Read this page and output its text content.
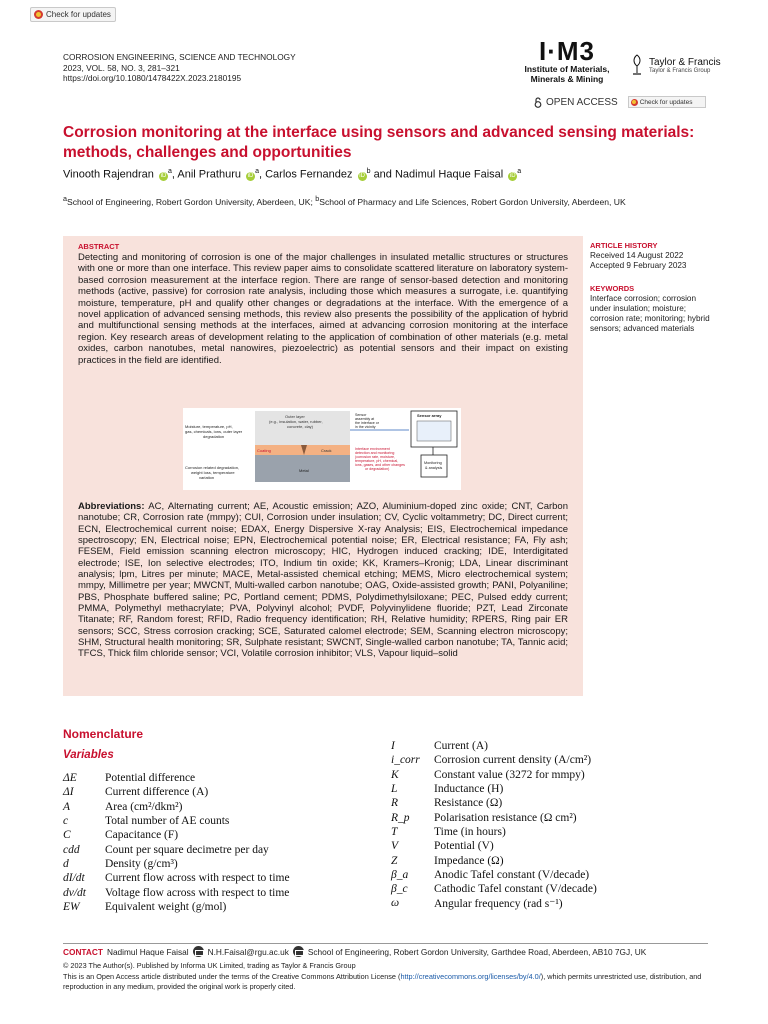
Check for updates
CORROSION ENGINEERING, SCIENCE AND TECHNOLOGY
2023, VOL. 58, NO. 3, 281–321
https://doi.org/10.1080/1478422X.2023.2180195
I·M3
Institute of Materials,
Minerals & Mining
Taylor & Francis
Taylor & Francis Group
OPEN ACCESS	Check for updates
Corrosion monitoring at the interface using sensors and advanced sensing materials: methods, challenges and opportunities
Vinooth Rajendran $iD^a$, Anil Prathuru $iD^a$, Carlos Fernandez $iD^b$ and Nadimul Haque Faisal $iD^a$
$^a$School of Engineering, Robert Gordon University, Aberdeen, UK; $^b$School of Pharmacy and Life Sciences, Robert Gordon University, Aberdeen, UK
ABSTRACT
Detecting and monitoring of corrosion is one of the major challenges in insulated metallic structures or structures with one or more than one interface. This review paper aims to consolidate scattered literature on laboratory system-based corrosion measurement at the interface region. There are range of sensor-based detection and monitoring methods (active, passive) for corrosion rate analysis, including those which measures a surrogate, i.e. quantifying moisture, temperature, pH and qualify other changes or degradations at the interface. With the emergence of a novel application of advanced sensing methods, this review also presents the possibility of the application of hybrid and multifunctional sensing methods at the interfaces, aimed at advancing corrosion monitoring at the interface region. Key research areas of development relating to the application of combination of other materials (e.g. metal oxides, carbon nanotubes, metal nanowires, piezoelectric) as potential sensors and their impact on existing practices in the field are identified.
Moisture, temperature, pH,
gas, chemicals, ions, outer layer
degradation
Corrosion related degradation,
weight loss, temperature
variation
Outer layer
(e.g., insulation, water, rubber,
concrete, clay)
Coating	Crack
Metal
Sensor
assembly at
the interface or
in the vicinity
Interface environment
detection and monitoring
(corrosion rate, moisture,
temperature, pH, chemical,
ions, gases, and other changes
or degradation)
Sensor array
Monitoring
& analysis
Abbreviations: AC, Alternating current; AE, Acoustic emission; AZO, Aluminium-doped zinc oxide; CNT, Carbon nanotube; CR, Corrosion rate (mmpy); CUI, Corrosion under insulation; CV, Cyclic voltammetry; DC, Direct current; ECN, Electrochemical current noise; EDAX, Energy Dispersive X-ray Analysis; EIS, Electrochemical impedance spectroscopy; EN, Electrical noise; EPN, Electrochemical potential noise; ER, Electrical resistance; FA, Fly ash; FESEM, Field emission scanning electron microscopy; HIC, Hydrogen induced cracking; IDE, Interdigitated electrode; ISE, Ion selective electrodes; ITO, Indium tin oxide; KK, Kramers–Kronig; LDA, Linear discriminant analysis; lpm, Litres per minute; MACE, Metal-assisted chemical etching; MEMS, Micro electrochemical system; mmpy, Millimetre per year; MWCNT, Multi-walled carbon nanotube; OAG, Oxide-assisted growth; PANI, Polyaniline; PBS, Phosphate buffered saline; PC, Portland cement; PDMS, Polydimethylsiloxane; PEC, Pulsed eddy current; PMMA, Polymethyl methacrylate; PVA, Polyvinyl alcohol; PVDF, Polyvinylidene fluoride; PZT, Lead Zirconate Titanate; RF, Random forest; RFID, Radio frequency identification; RH, Relative humidity; RPERS, Ring pair ER sensors; SCC, Stress corrosion cracking; SCE, Saturated calomel electrode; SEM, Scanning electron microscopy; SHM, Structural health monitoring; SR, Sulphate resistant; SWCNT, Single-walled carbon nanotube; TA, Tannic acid; TFCS, Thick film chloride sensor; VCI, Volatile corrosion inhibitor; VLS, Vapour liquid–solid
ARTICLE HISTORY
Received 14 August 2022
Accepted 9 February 2023
KEYWORDS
Interface corrosion; corrosion under insulation; moisture; corrosion rate; monitoring; hybrid sensors; advanced materials
Nomenclature
Variables
ΔE	Potential difference
ΔI	Current difference (A)
A	Area (cm²/dkm²)
c	Total number of AE counts
C	Capacitance (F)
cdd	Count per square decimetre per day
d	Density (g/cm³)
dI/dt	Current flow across with respect to time
dv/dt	Voltage flow across with respect to time
EW	Equivalent weight (g/mol)
I	Current (A)
i_corr	Corrosion current density (A/cm²)
K	Constant value (3272 for mmpy)
L	Inductance (H)
R	Resistance (Ω)
R_p	Polarisation resistance (Ω cm²)
T	Time (in hours)
V	Potential (V)
Z	Impedance (Ω)
β_a	Anodic Tafel constant (V/decade)
β_c	Cathodic Tafel constant (V/decade)
ω	Angular frequency (rad s⁻¹)
CONTACT Nadimul Haque Faisal N.H.Faisal@rgu.ac.uk School of Engineering, Robert Gordon University, Garthdee Road, Aberdeen, AB10 7GJ, UK
© 2023 The Author(s). Published by Informa UK Limited, trading as Taylor & Francis Group
This is an Open Access article distributed under the terms of the Creative Commons Attribution License (http://creativecommons.org/licenses/by/4.0/), which permits unrestricted use, distribution, and reproduction in any medium, provided the original work is properly cited.
